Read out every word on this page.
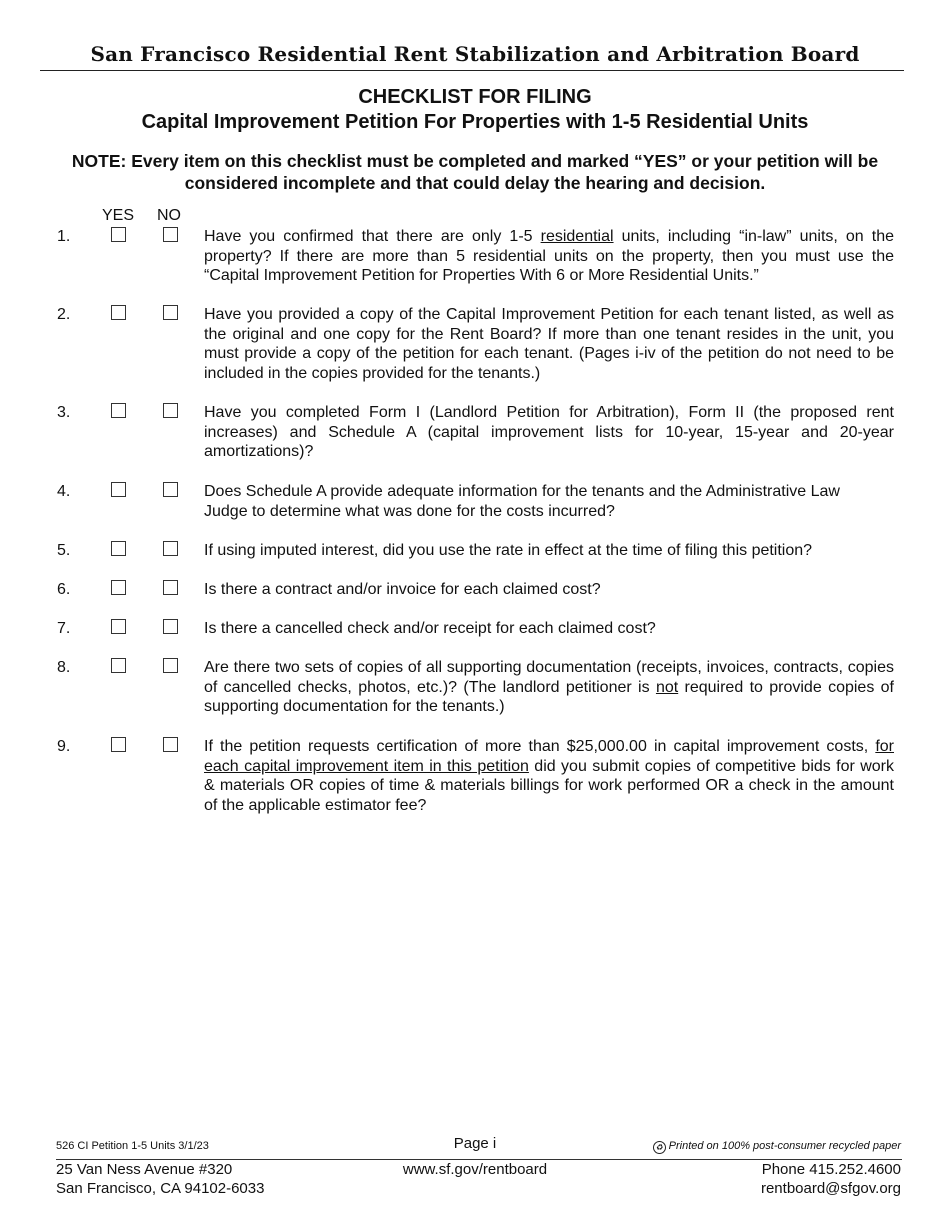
San Francisco Residential Rent Stabilization and Arbitration Board
CHECKLIST FOR FILING
Capital Improvement Petition For Properties with 1-5 Residential Units
NOTE: Every item on this checklist must be completed and marked “YES” or your petition will be considered incomplete and that could delay the hearing and decision.
YES NO
1.	Have you confirmed that there are only 1-5 residential units, including “in-law” units, on the property? If there are more than 5 residential units on the property, then you must use the “Capital Improvement Petition for Properties With 6 or More Residential Units.”
2.	Have you provided a copy of the Capital Improvement Petition for each tenant listed, as well as the original and one copy for the Rent Board? If more than one tenant resides in the unit, you must provide a copy of the petition for each tenant. (Pages i-iv of the petition do not need to be included in the copies provided for the tenants.)
3.	Have you completed Form I (Landlord Petition for Arbitration), Form II (the proposed rent increases) and Schedule A (capital improvement lists for 10-year, 15-year and 20-year amortizations)?
4.	Does Schedule A provide adequate information for the tenants and the Administrative Law Judge to determine what was done for the costs incurred?
5.	If using imputed interest, did you use the rate in effect at the time of filing this petition?
6.	Is there a contract and/or invoice for each claimed cost?
7.	Is there a cancelled check and/or receipt for each claimed cost?
8.	Are there two sets of copies of all supporting documentation (receipts, invoices, contracts, copies of cancelled checks, photos, etc.)? (The landlord petitioner is not required to provide copies of supporting documentation for the tenants.)
9.	If the petition requests certification of more than $25,000.00 in capital improvement costs, for each capital improvement item in this petition did you submit copies of competitive bids for work & materials OR copies of time & materials billings for work performed OR a check in the amount of the applicable estimator fee?
526 CI Petition 1-5 Units 3/1/23	Page i	♻ Printed on 100% post-consumer recycled paper
25 Van Ness Avenue #320
San Francisco, CA 94102-6033
www.sf.gov/rentboard	Phone 415.252.4600
rentboard@sfgov.org
